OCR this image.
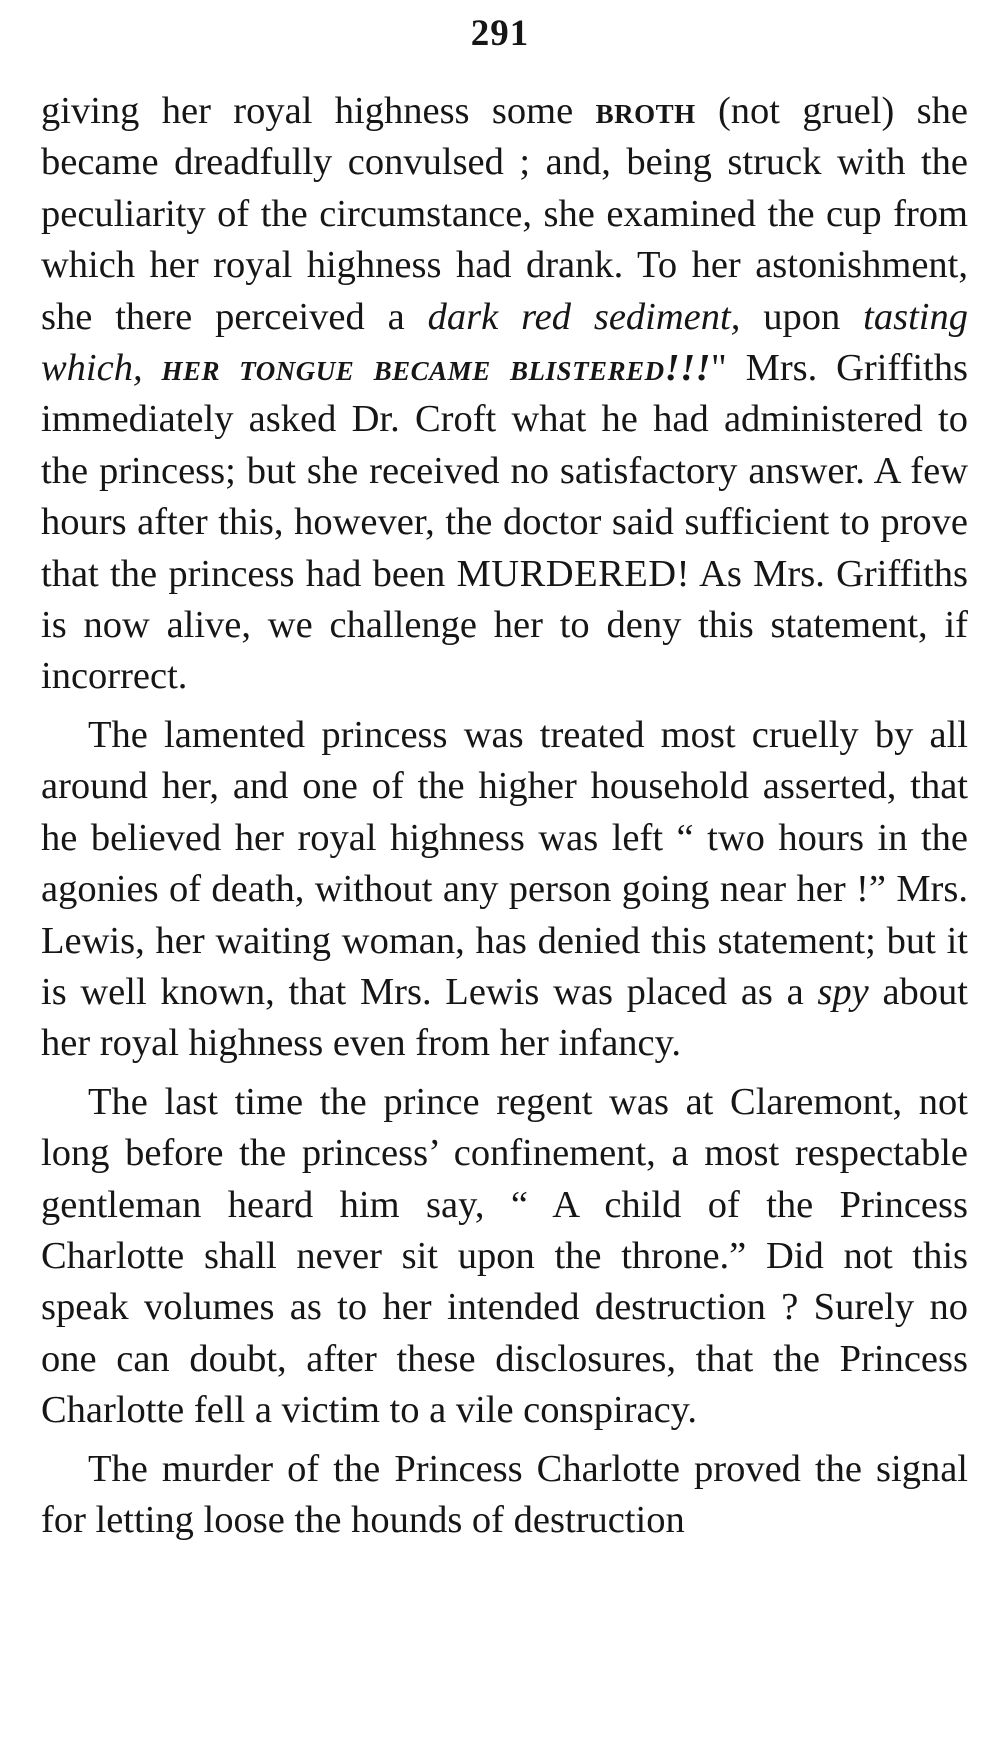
291

giving her royal highness some broth (not gruel) she became dreadfully convulsed ; and, being struck with the peculiarity of the circumstance, she examined the cup from which her royal highness had drank. To her astonishment, she there perceived a dark red sediment, upon tasting which, her tongue became blistered!!!" Mrs. Griffiths immediately asked Dr. Croft what he had administered to the princess; but she received no satisfactory answer. A few hours after this, however, the doctor said sufficient to prove that the princess had been MURDERED! As Mrs. Griffiths is now alive, we challenge her to deny this statement, if incorrect.

The lamented princess was treated most cruelly by all around her, and one of the higher household asserted, that he believed her royal highness was left “ two hours in the agonies of death, without any person going near her !” Mrs. Lewis, her waiting woman, has denied this statement; but it is well known, that Mrs. Lewis was placed as a spy about her royal highness even from her infancy.

The last time the prince regent was at Claremont, not long before the princess’ confinement, a most respectable gentleman heard him say, “ A child of the Princess Charlotte shall never sit upon the throne.” Did not this speak volumes as to her intended destruction ? Surely no one can doubt, after these disclosures, that the Princess Charlotte fell a victim to a vile conspiracy.

The murder of the Princess Charlotte proved the signal for letting loose the hounds of destruction
